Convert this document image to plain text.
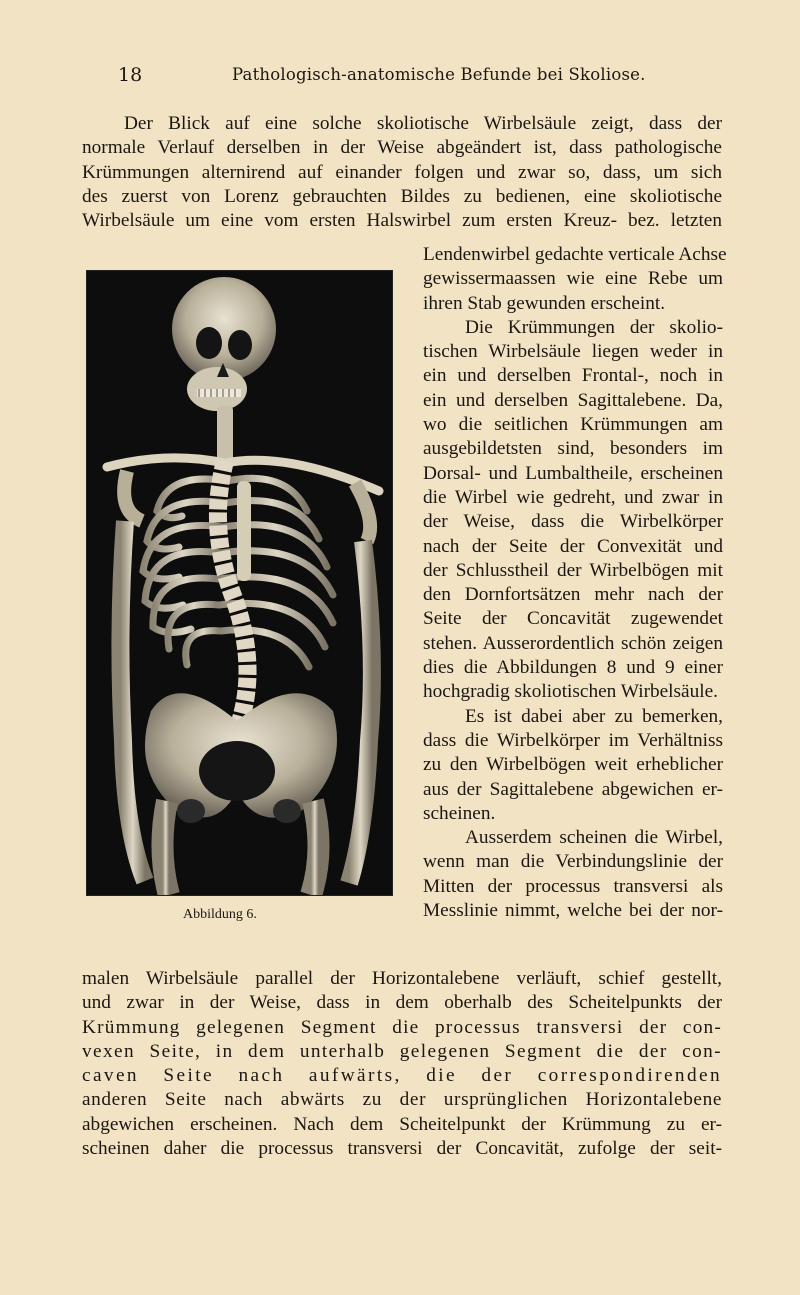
18	Pathologisch-anatomische Befunde bei Skoliose.
Der Blick auf eine solche skoliotische Wirbelsäule zeigt, dass der
normale Verlauf derselben in der Weise abgeändert ist, dass pathologische
Krümmungen alternirend auf einander folgen und zwar so, dass, um sich
des zuerst von Lorenz gebrauchten Bildes zu bedienen, eine skoliotische
Wirbelsäule um eine vom ersten Halswirbel zum ersten Kreuz- bez. letzten
Abbildung 6.
Lendenwirbel gedachte verticale Achse
gewissermaassen wie eine Rebe um
ihren Stab gewunden erscheint.
Die Krümmungen der skolio-
tischen Wirbelsäule liegen weder in
ein und derselben Frontal-, noch in
ein und derselben Sagittalebene. Da,
wo die seitlichen Krümmungen am
ausgebildetsten sind, besonders im
Dorsal- und Lumbaltheile, erscheinen
die Wirbel wie gedreht, und zwar in
der Weise, dass die Wirbelkörper
nach der Seite der Convexität und
der Schlusstheil der Wirbelbögen mit
den Dornfortsätzen mehr nach der
Seite der Concavität zugewendet
stehen. Ausserordentlich schön zeigen
dies die Abbildungen 8 und 9 einer
hochgradig skoliotischen Wirbelsäule.
Es ist dabei aber zu bemerken,
dass die Wirbelkörper im Verhältniss
zu den Wirbelbögen weit erheblicher
aus der Sagittalebene abgewichen er-
scheinen.
Ausserdem scheinen die Wirbel,
wenn man die Verbindungslinie der
Mitten der processus transversi als
Messlinie nimmt, welche bei der nor-
malen Wirbelsäule parallel der Horizontalebene verläuft, schief gestellt,
und zwar in der Weise, dass in dem oberhalb des Scheitelpunkts der
Krümmung gelegenen Segment die processus transversi der con-
vexen Seite, in dem unterhalb gelegenen Segment die der con-
caven Seite nach aufwärts, die der correspondirenden
anderen Seite nach abwärts zu der ursprünglichen Horizontalebene
abgewichen erscheinen. Nach dem Scheitelpunkt der Krümmung zu er-
scheinen daher die processus transversi der Concavität, zufolge der seit-
